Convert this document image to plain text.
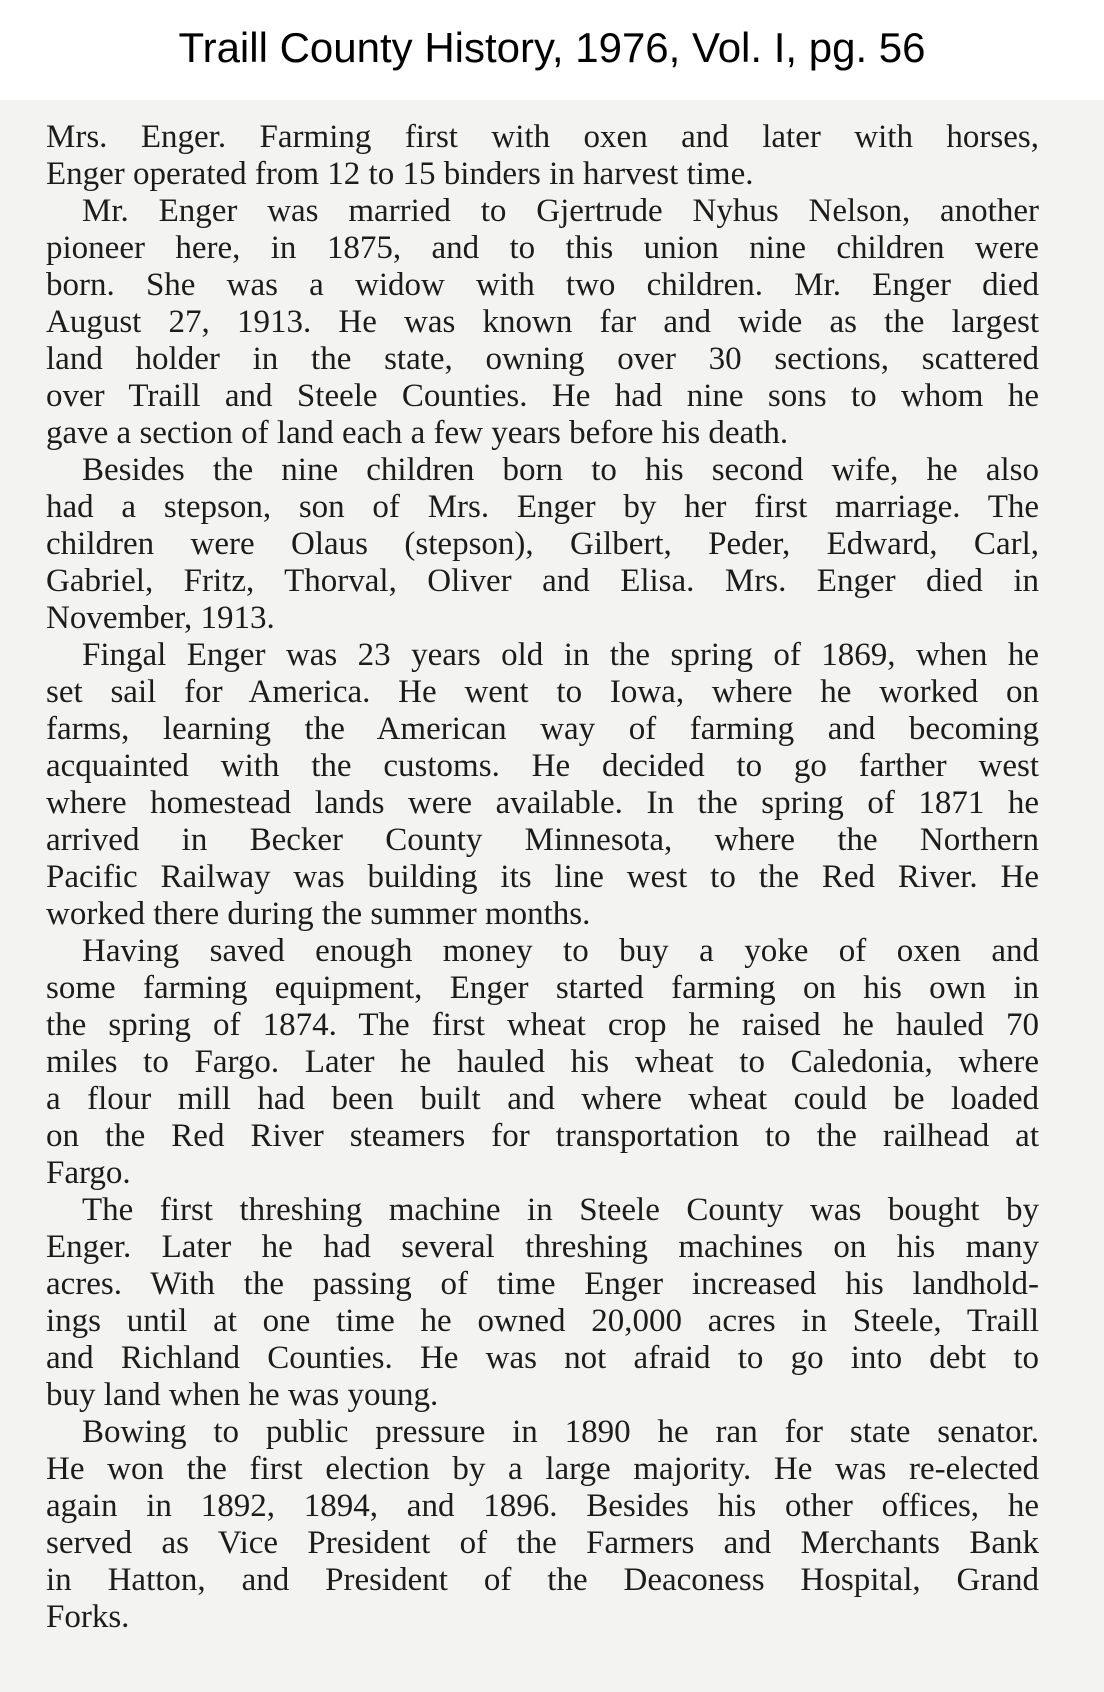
Traill County History, 1976, Vol. I, pg. 56
Mrs. Enger. Farming first with oxen and later with horses,
Enger operated from 12 to 15 binders in harvest time.
Mr. Enger was married to Gjertrude Nyhus Nelson, another
pioneer here, in 1875, and to this union nine children were
born. She was a widow with two children. Mr. Enger died
August 27, 1913. He was known far and wide as the largest
land holder in the state, owning over 30 sections, scattered
over Traill and Steele Counties. He had nine sons to whom he
gave a section of land each a few years before his death.
Besides the nine children born to his second wife, he also
had a stepson, son of Mrs. Enger by her first marriage. The
children were Olaus (stepson), Gilbert, Peder, Edward, Carl,
Gabriel, Fritz, Thorval, Oliver and Elisa. Mrs. Enger died in
November, 1913.
Fingal Enger was 23 years old in the spring of 1869, when he
set sail for America. He went to Iowa, where he worked on
farms, learning the American way of farming and becoming
acquainted with the customs. He decided to go farther west
where homestead lands were available. In the spring of 1871 he
arrived in Becker County Minnesota, where the Northern
Pacific Railway was building its line west to the Red River. He
worked there during the summer months.
Having saved enough money to buy a yoke of oxen and
some farming equipment, Enger started farming on his own in
the spring of 1874. The first wheat crop he raised he hauled 70
miles to Fargo. Later he hauled his wheat to Caledonia, where
a flour mill had been built and where wheat could be loaded
on the Red River steamers for transportation to the railhead at
Fargo.
The first threshing machine in Steele County was bought by
Enger. Later he had several threshing machines on his many
acres. With the passing of time Enger increased his landhold-
ings until at one time he owned 20,000 acres in Steele, Traill
and Richland Counties. He was not afraid to go into debt to
buy land when he was young.
Bowing to public pressure in 1890 he ran for state senator.
He won the first election by a large majority. He was re-elected
again in 1892, 1894, and 1896. Besides his other offices, he
served as Vice President of the Farmers and Merchants Bank
in Hatton, and President of the Deaconess Hospital, Grand
Forks.
